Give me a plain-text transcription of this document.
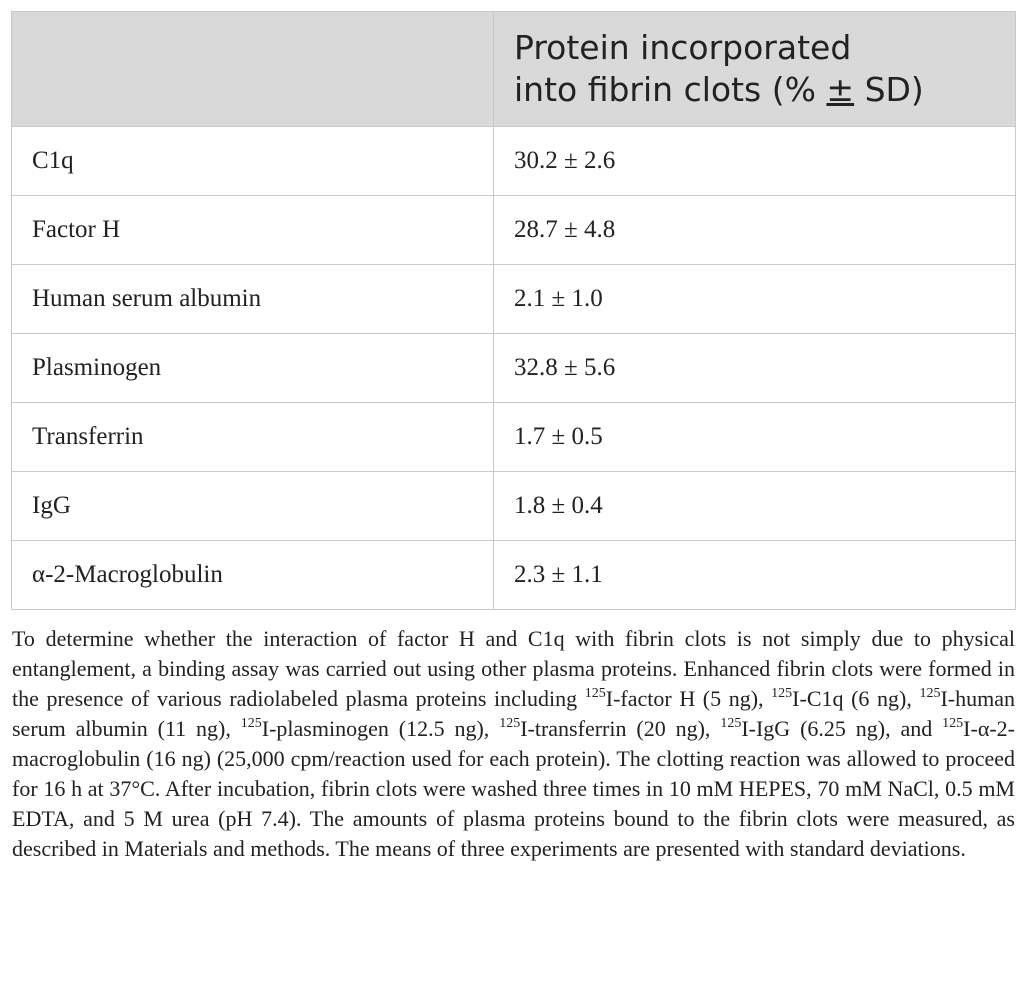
	Protein incorporated
into fibrin clots (% ± SD)

C1q	30.2 ± 2.6
Factor H	28.7 ± 4.8
Human serum albumin	2.1 ± 1.0
Plasminogen	32.8 ± 5.6
Transferrin	1.7 ± 0.5
IgG	1.8 ± 0.4
α-2-Macroglobulin	2.3 ± 1.1

To determine whether the interaction of factor H and C1q with fibrin clots is not simply due to physical entanglement, a binding assay was carried out using other plasma proteins. Enhanced fibrin clots were formed in the presence of various radiolabeled plasma proteins including $^{125}$I-factor H (5 ng), $^{125}$I-C1q (6 ng), $^{125}$I-human serum albumin (11 ng), $^{125}$I-plasminogen (12.5 ng), $^{125}$I-transferrin (20 ng), $^{125}$I-IgG (6.25 ng), and $^{125}$I-α-2-macroglobulin (16 ng) (25,000 cpm/reaction used for each protein). The clotting reaction was allowed to proceed for 16 h at 37°C. After incubation, fibrin clots were washed three times in 10 mM HEPES, 70 mM NaCl, 0.5 mM EDTA, and 5 M urea (pH 7.4). The amounts of plasma proteins bound to the fibrin clots were measured, as described in Materials and methods. The means of three experiments are presented with standard deviations.
